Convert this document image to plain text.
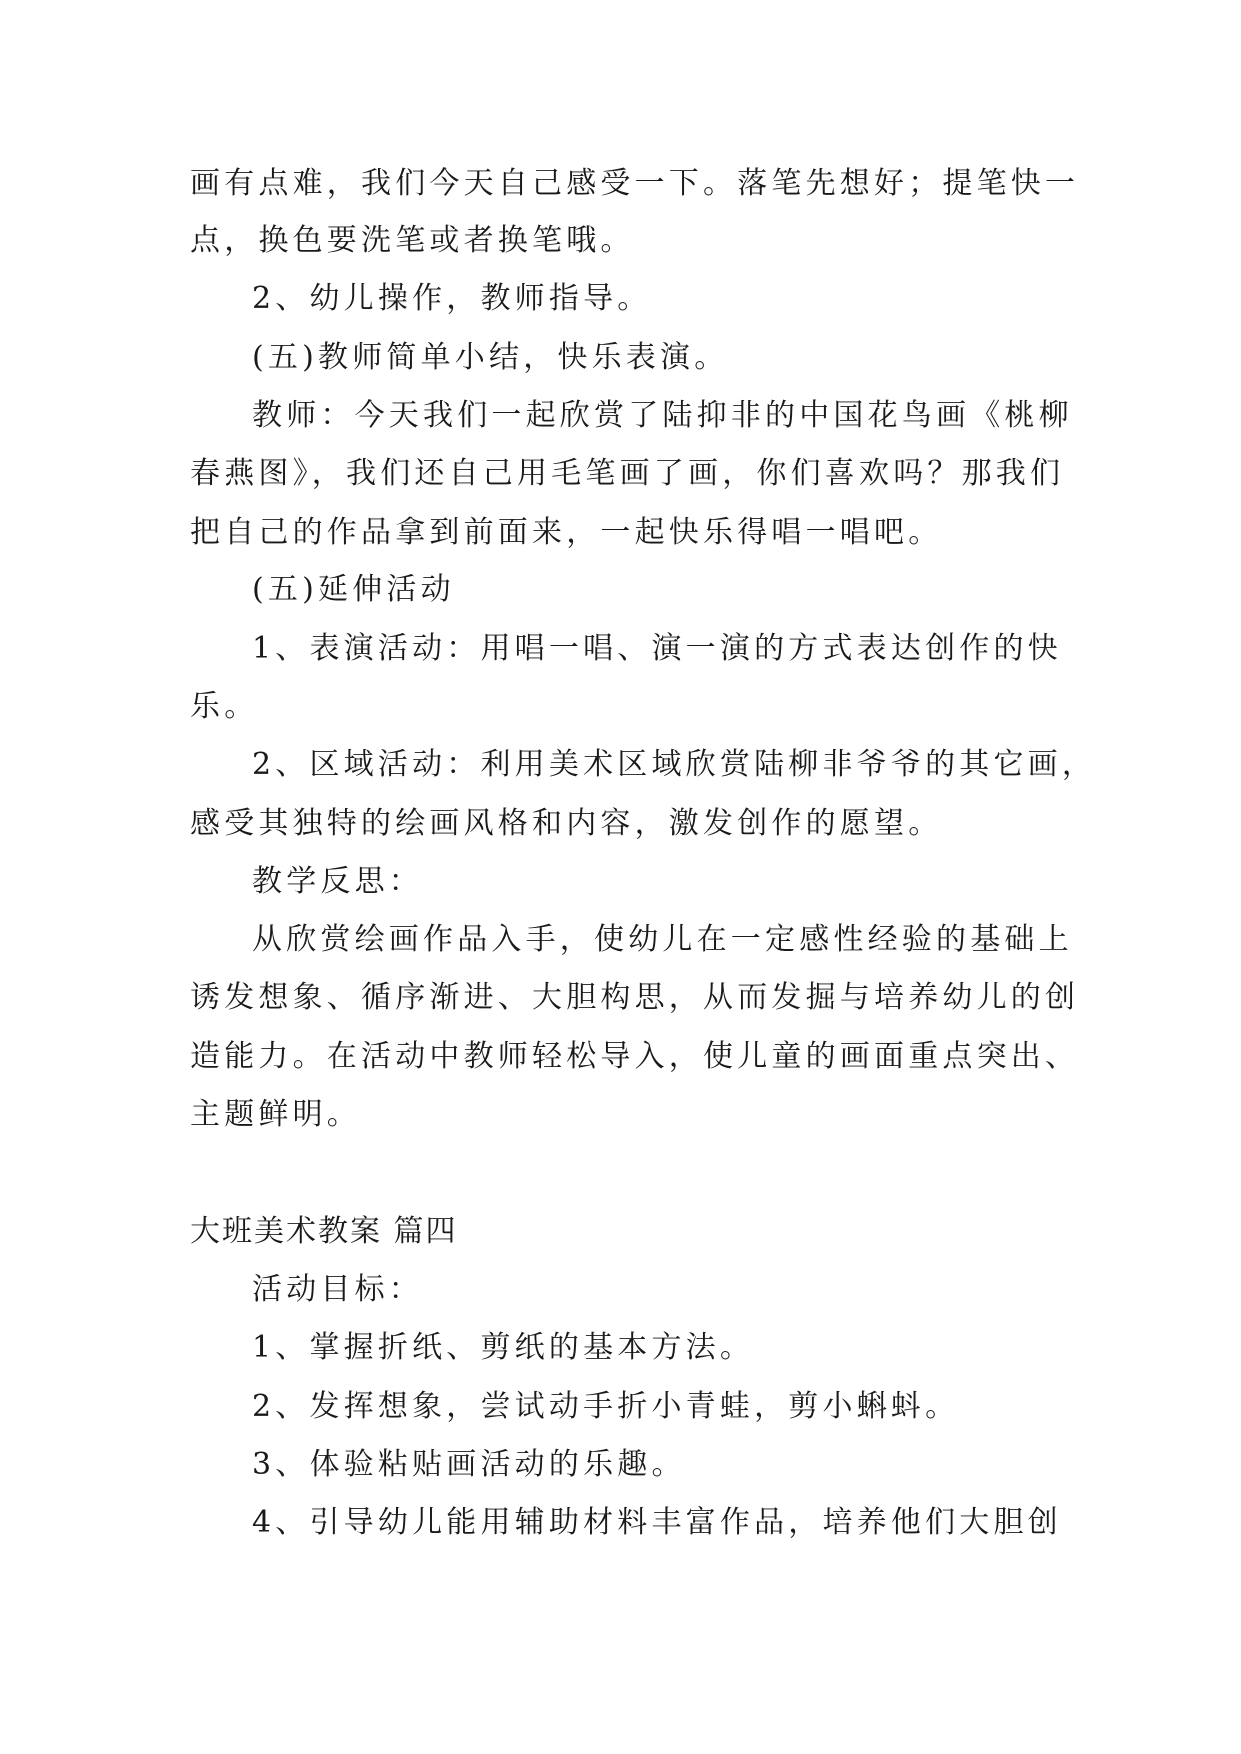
画有点难，我们今天自己感受一下。落笔先想好；提笔快一
点，换色要洗笔或者换笔哦。
2、幼儿操作，教师指导。
(五)教师简单小结，快乐表演。
教师：今天我们一起欣赏了陆抑非的中国花鸟画《桃柳
春燕图》，我们还自己用毛笔画了画，你们喜欢吗？那我们
把自己的作品拿到前面来，一起快乐得唱一唱吧。
(五)延伸活动
1、表演活动：用唱一唱、演一演的方式表达创作的快
乐。
2、区域活动：利用美术区域欣赏陆柳非爷爷的其它画，
感受其独特的绘画风格和内容，激发创作的愿望。
教学反思：
从欣赏绘画作品入手，使幼儿在一定感性经验的基础上
诱发想象、循序渐进、大胆构思，从而发掘与培养幼儿的创
造能力。在活动中教师轻松导入，使儿童的画面重点突出、
主题鲜明。
大班美术教案 篇四
活动目标：
1、掌握折纸、剪纸的基本方法。
2、发挥想象，尝试动手折小青蛙，剪小蝌蚪。
3、体验粘贴画活动的乐趣。
4、引导幼儿能用辅助材料丰富作品，培养他们大胆创
